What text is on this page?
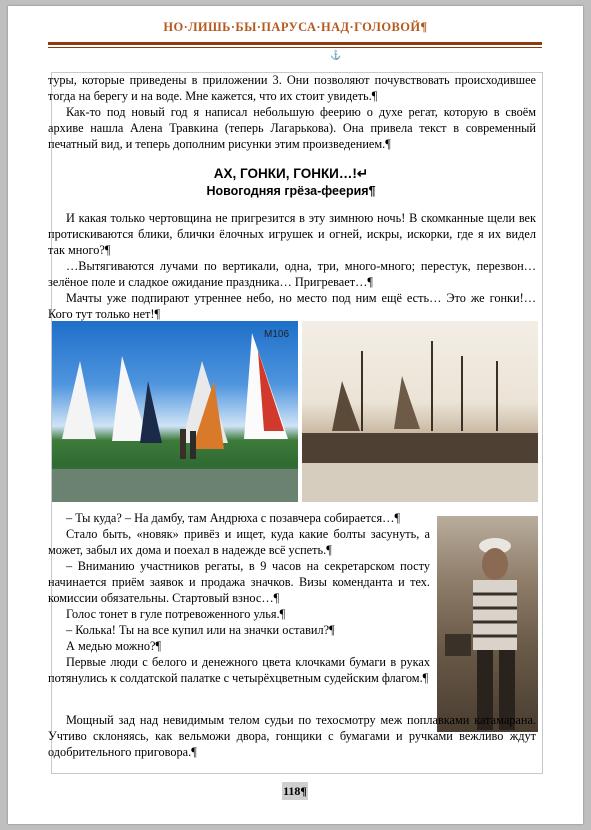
НО·ЛИШЬ·БЫ·ПАРУСА·НАД·ГОЛОВОЙ¶
⚓

туры, которые приведены в приложении 3. Они позволяют почувствовать происходившее тогда на берегу и на воде. Мне кажется, что их стоит увидеть.¶

Как-то под новый год я написал небольшую феерию о духе регат, которую в своём архиве нашла Алена Травкина (теперь Лагарькова). Она привела текст в современный печатный вид, и теперь дополним рисунки этим произведением.¶

АХ, ГОНКИ, ГОНКИ…!↵
Новогодняя грёза-феерия¶

И какая только чертовщина не пригрезится в эту зимнюю ночь! В скомканные щели век протискиваются блики, блички ёлочных игрушек и огней, искры, искорки, где я их видел так много?¶

…Вытягиваются лучами по вертикали, одна, три, много-много; перестук, перезвон… зелёное поле и сладкое ожидание праздника… Пригревает…¶

Мачты уже подпирают утреннее небо, но место под ним ещё есть… Это же гонки!… Кого тут только нет!¶

М106

– Ты куда? – На дамбу, там Андрюха с позавчера собирается…¶

Стало быть, «новяк» привёз и ищет, куда какие болты засунуть, а может, забыл их дома и поехал в надежде всё успеть.¶

– Вниманию участников регаты, в 9 часов на секретарском посту начинается приём заявок и продажа значков. Визы коменданта и тех. комиссии обязательны. Стартовый взнос…¶

Голос тонет в гуле потревоженного улья.¶

– Колька! Ты на все купил или на значки оставил?¶

А медью можно?¶

Первые люди с белого и денежного цвета клочками бумаги в руках потянулись к солдатской палатке с четырёхцветным судейским флагом.¶

Мощный зад над невидимым телом судьи по техосмотру меж поплавками катамарана. Учтиво склоняясь, как вельможи двора, гонщики с бумагами и ручками вежливо ждут одобрительного приговора.¶

118¶
